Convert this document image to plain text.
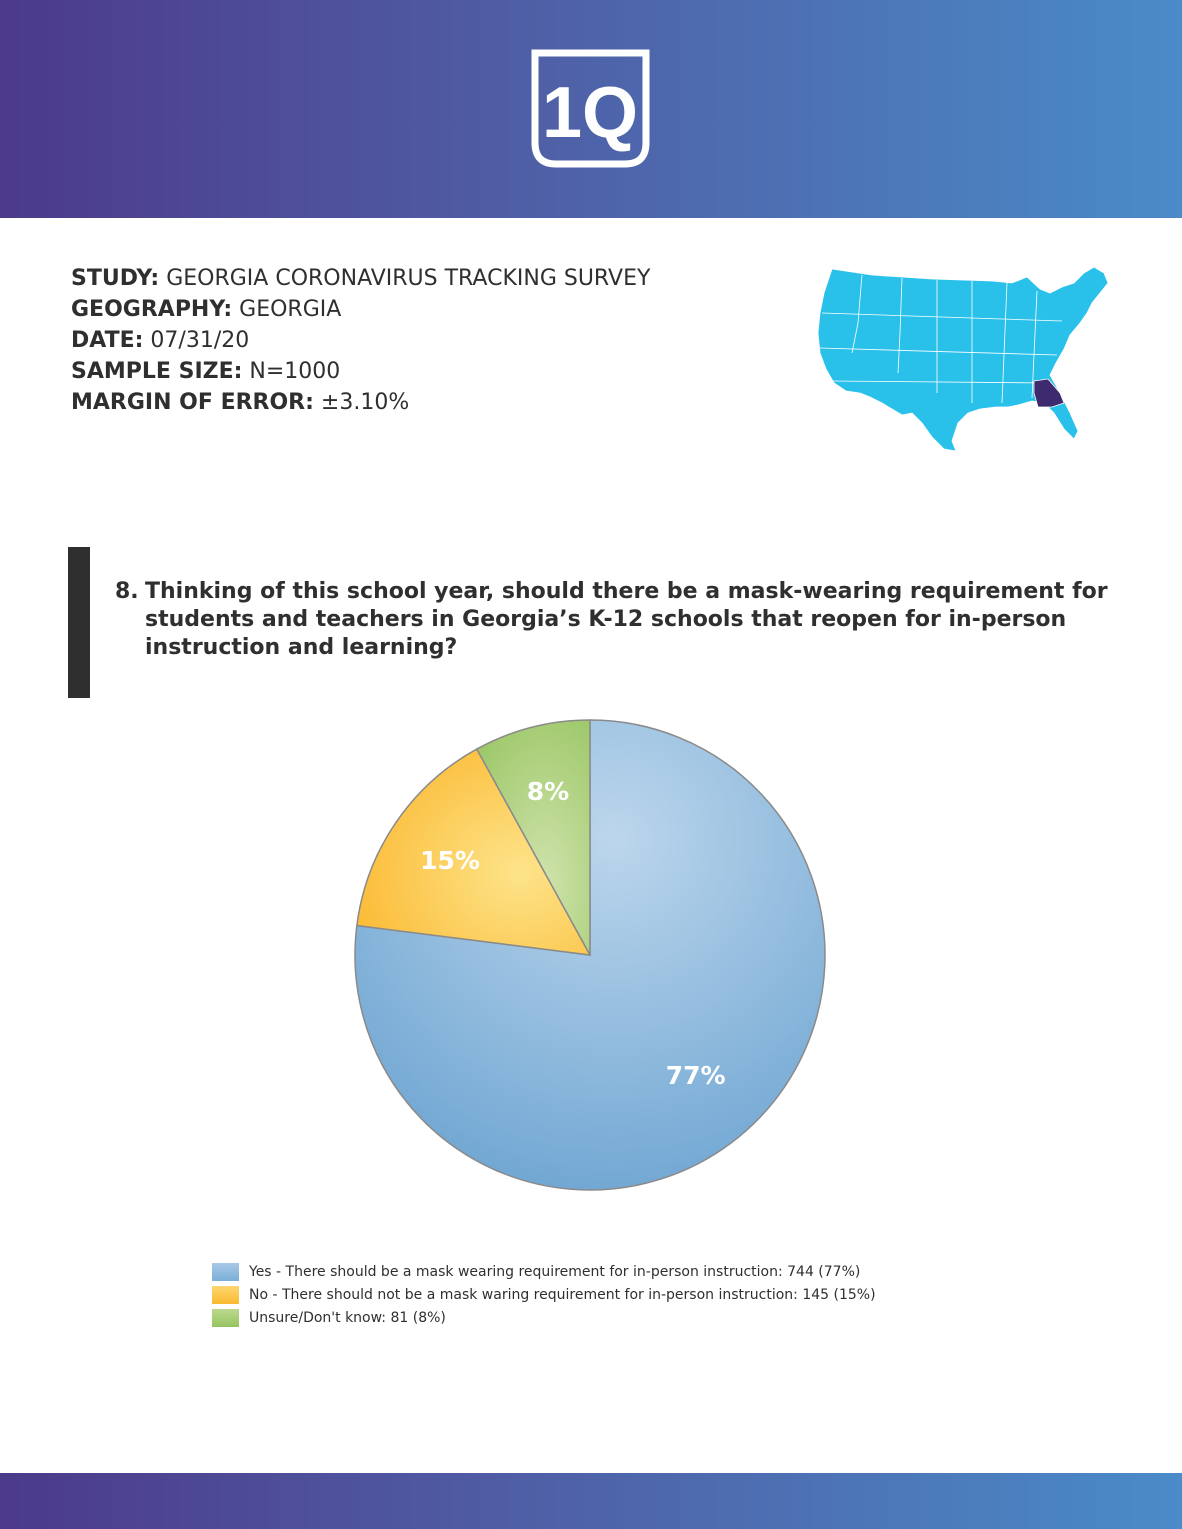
1Q
STUDY: GEORGIA CORONAVIRUS TRACKING SURVEY
GEOGRAPHY: GEORGIA
DATE: 07/31/20
SAMPLE SIZE: N=1000
MARGIN OF ERROR: ±3.10%
8. Thinking of this school year, should there be a mask-wearing requirement for students and teachers in Georgia’s K-12 schools that reopen for in-person instruction and learning?
77%
15%
8%
Yes - There should be a mask wearing requirement for in-person instruction: 744 (77%)
No - There should not be a mask waring requirement for in-person instruction: 145 (15%)
Unsure/Don't know: 81 (8%)
